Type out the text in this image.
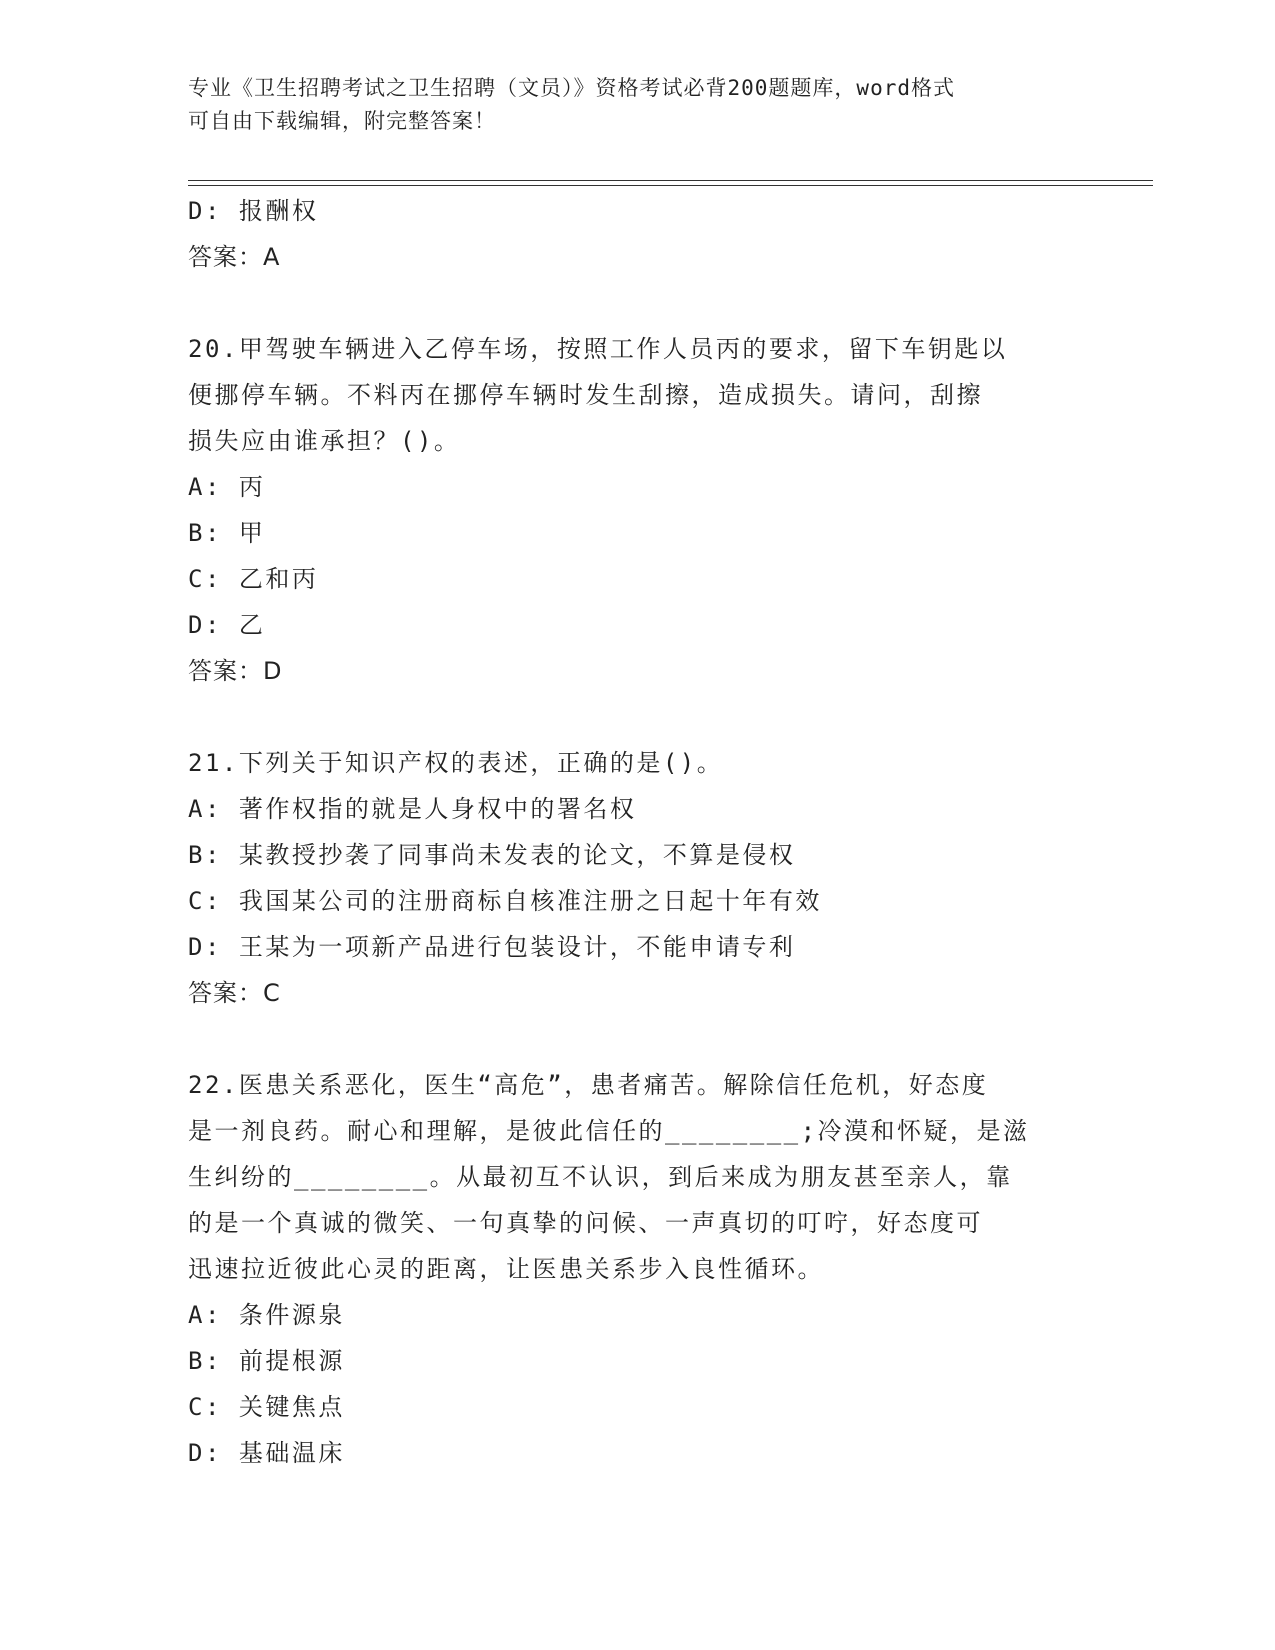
专业《卫生招聘考试之卫生招聘（文员）》资格考试必背200题题库，word格式
可自由下载编辑，附完整答案！
D: 报酬权
答案：A
20.甲驾驶车辆进入乙停车场，按照工作人员丙的要求，留下车钥匙以
便挪停车辆。不料丙在挪停车辆时发生刮擦，造成损失。请问，刮擦
损失应由谁承担？()。
A: 丙
B: 甲
C: 乙和丙
D: 乙
答案：D
21.下列关于知识产权的表述，正确的是()。
A: 著作权指的就是人身权中的署名权
B: 某教授抄袭了同事尚未发表的论文，不算是侵权
C: 我国某公司的注册商标自核准注册之日起十年有效
D: 王某为一项新产品进行包装设计，不能申请专利
答案：C
22.医患关系恶化，医生“高危”，患者痛苦。解除信任危机，好态度
是一剂良药。耐心和理解，是彼此信任的________;冷漠和怀疑，是滋
生纠纷的________。从最初互不认识，到后来成为朋友甚至亲人，靠
的是一个真诚的微笑、一句真挚的问候、一声真切的叮咛，好态度可
迅速拉近彼此心灵的距离，让医患关系步入良性循环。
A: 条件源泉
B: 前提根源
C: 关键焦点
D: 基础温床
